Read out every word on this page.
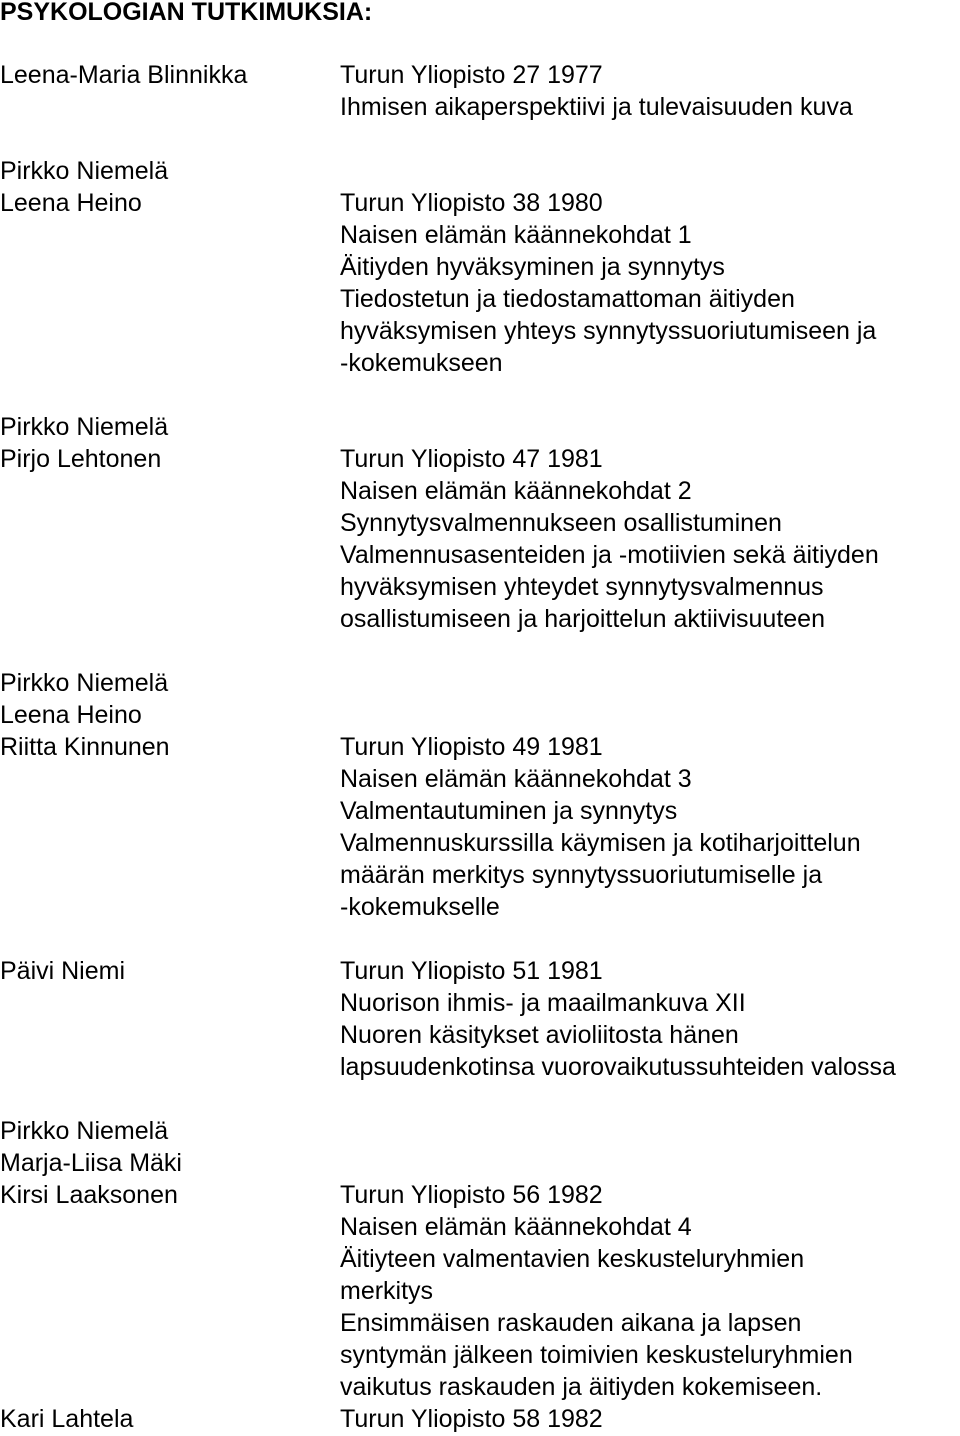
PSYKOLOGIAN TUTKIMUKSIA:
Leena-Maria Blinnikka	Turun Yliopisto 27 1977
Ihmisen aikaperspektiivi ja tulevaisuuden kuva
Pirkko Niemelä
Leena Heino	Turun Yliopisto 38 1980
Naisen elämän käännekohdat 1
Äitiyden hyväksyminen ja synnytys
Tiedostetun ja tiedostamattoman äitiyden
hyväksymisen yhteys synnytyssuoriutumiseen ja
-kokemukseen
Pirkko Niemelä
Pirjo Lehtonen	Turun Yliopisto 47 1981
Naisen elämän käännekohdat 2
Synnytysvalmennukseen osallistuminen
Valmennusasenteiden ja -motiivien sekä äitiyden
hyväksymisen yhteydet synnytysvalmennus
osallistumiseen ja harjoittelun aktiivisuuteen
Pirkko Niemelä
Leena Heino
Riitta Kinnunen	Turun Yliopisto 49 1981
Naisen elämän käännekohdat 3
Valmentautuminen ja synnytys
Valmennuskurssilla käymisen ja kotiharjoittelun
määrän merkitys synnytyssuoriutumiselle ja
-kokemukselle
Päivi Niemi	Turun Yliopisto 51 1981
Nuorison ihmis- ja maailmankuva XII
Nuoren käsitykset avioliitosta hänen
lapsuudenkotinsa vuorovaikutussuhteiden valossa
Pirkko Niemelä
Marja-Liisa Mäki
Kirsi Laaksonen	Turun Yliopisto 56 1982
Naisen elämän käännekohdat 4
Äitiyteen valmentavien keskusteluryhmien
merkitys
Ensimmäisen raskauden aikana ja lapsen
syntymän jälkeen toimivien keskusteluryhmien
vaikutus raskauden ja äitiyden kokemiseen.
Kari Lahtela	Turun Yliopisto 58 1982
